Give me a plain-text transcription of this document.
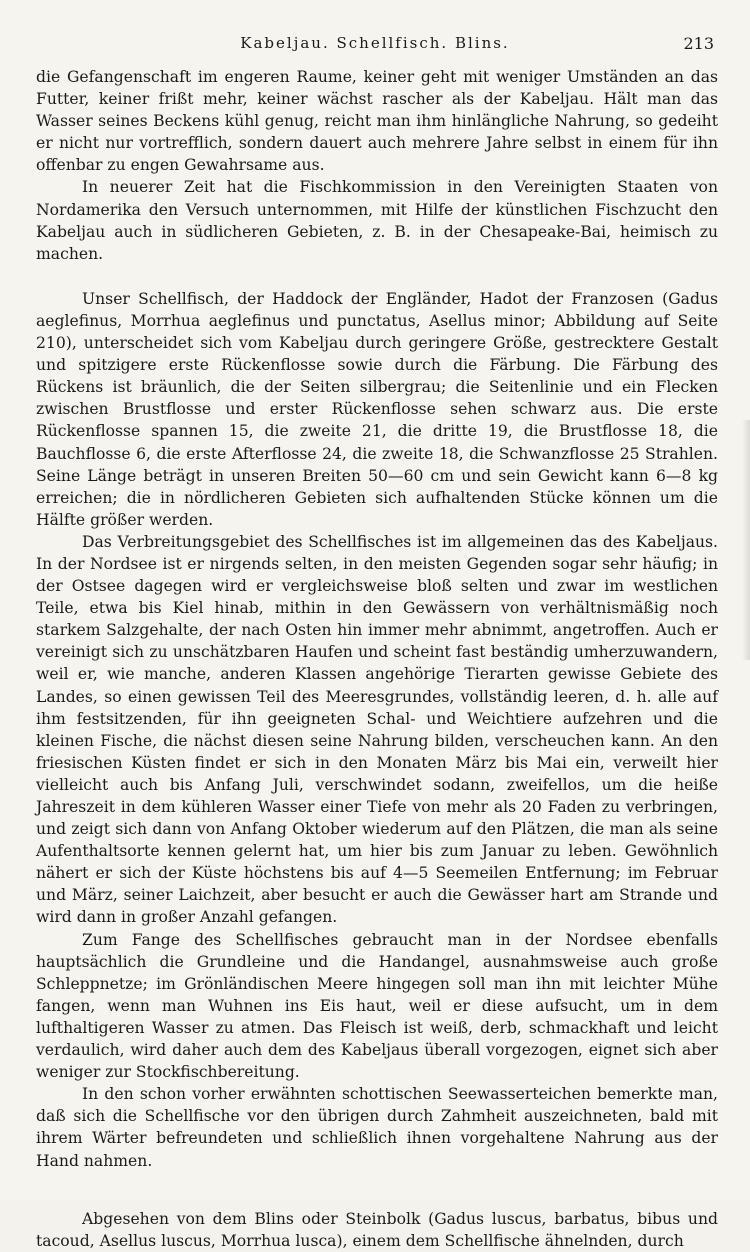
Kabeljau. Schellfisch. Blins.	213

die Gefangenschaft im engeren Raume, keiner geht mit weniger Umständen an das Futter, keiner frißt mehr, keiner wächst rascher als der Kabeljau. Hält man das Wasser seines Beckens kühl genug, reicht man ihm hinlängliche Nahrung, so gedeiht er nicht nur vortrefflich, sondern dauert auch mehrere Jahre selbst in einem für ihn offenbar zu engen Gewahrsame aus.

In neuerer Zeit hat die Fischkommission in den Vereinigten Staaten von Nordamerika den Versuch unternommen, mit Hilfe der künstlichen Fischzucht den Kabeljau auch in südlicheren Gebieten, z. B. in der Chesapeake-Bai, heimisch zu machen.

Unser Schellfisch, der Haddock der Engländer, Hadot der Franzosen (Gadus aeglefinus, Morrhua aeglefinus und punctatus, Asellus minor; Abbildung auf Seite 210), unterscheidet sich vom Kabeljau durch geringere Größe, gestrecktere Gestalt und spitzigere erste Rückenflosse sowie durch die Färbung. Die Färbung des Rückens ist bräunlich, die der Seiten silbergrau; die Seitenlinie und ein Flecken zwischen Brustflosse und erster Rückenflosse sehen schwarz aus. Die erste Rückenflosse spannen 15, die zweite 21, die dritte 19, die Brustflosse 18, die Bauchflosse 6, die erste Afterflosse 24, die zweite 18, die Schwanzflosse 25 Strahlen. Seine Länge beträgt in unseren Breiten 50—60 cm und sein Gewicht kann 6—8 kg erreichen; die in nördlicheren Gebieten sich aufhaltenden Stücke können um die Hälfte größer werden.

Das Verbreitungsgebiet des Schellfisches ist im allgemeinen das des Kabeljaus. In der Nordsee ist er nirgends selten, in den meisten Gegenden sogar sehr häufig; in der Ostsee dagegen wird er vergleichsweise bloß selten und zwar im westlichen Teile, etwa bis Kiel hinab, mithin in den Gewässern von verhältnismäßig noch starkem Salzgehalte, der nach Osten hin immer mehr abnimmt, angetroffen. Auch er vereinigt sich zu unschätzbaren Haufen und scheint fast beständig umherzuwandern, weil er, wie manche, anderen Klassen angehörige Tierarten gewisse Gebiete des Landes, so einen gewissen Teil des Meeresgrundes, vollständig leeren, d. h. alle auf ihm festsitzenden, für ihn geeigneten Schal- und Weichtiere aufzehren und die kleinen Fische, die nächst diesen seine Nahrung bilden, verscheuchen kann. An den friesischen Küsten findet er sich in den Monaten März bis Mai ein, verweilt hier vielleicht auch bis Anfang Juli, verschwindet sodann, zweifellos, um die heiße Jahreszeit in dem kühleren Wasser einer Tiefe von mehr als 20 Faden zu verbringen, und zeigt sich dann von Anfang Oktober wiederum auf den Plätzen, die man als seine Aufenthaltsorte kennen gelernt hat, um hier bis zum Januar zu leben. Gewöhnlich nähert er sich der Küste höchstens bis auf 4—5 Seemeilen Entfernung; im Februar und März, seiner Laichzeit, aber besucht er auch die Gewässer hart am Strande und wird dann in großer Anzahl gefangen.

Zum Fange des Schellfisches gebraucht man in der Nordsee ebenfalls hauptsächlich die Grundleine und die Handangel, ausnahmsweise auch große Schleppnetze; im Grönländischen Meere hingegen soll man ihn mit leichter Mühe fangen, wenn man Wuhnen ins Eis haut, weil er diese aufsucht, um in dem lufthaltigeren Wasser zu atmen. Das Fleisch ist weiß, derb, schmackhaft und leicht verdaulich, wird daher auch dem des Kabeljaus überall vorgezogen, eignet sich aber weniger zur Stockfischbereitung.

In den schon vorher erwähnten schottischen Seewasserteichen bemerkte man, daß sich die Schellfische vor den übrigen durch Zahmheit auszeichneten, bald mit ihrem Wärter befreundeten und schließlich ihnen vorgehaltene Nahrung aus der Hand nahmen.

Abgesehen von dem Blins oder Steinbolk (Gadus luscus, barbatus, bibus und tacoud, Asellus luscus, Morrhua lusca), einem dem Schellfische ähnelnden, durch
